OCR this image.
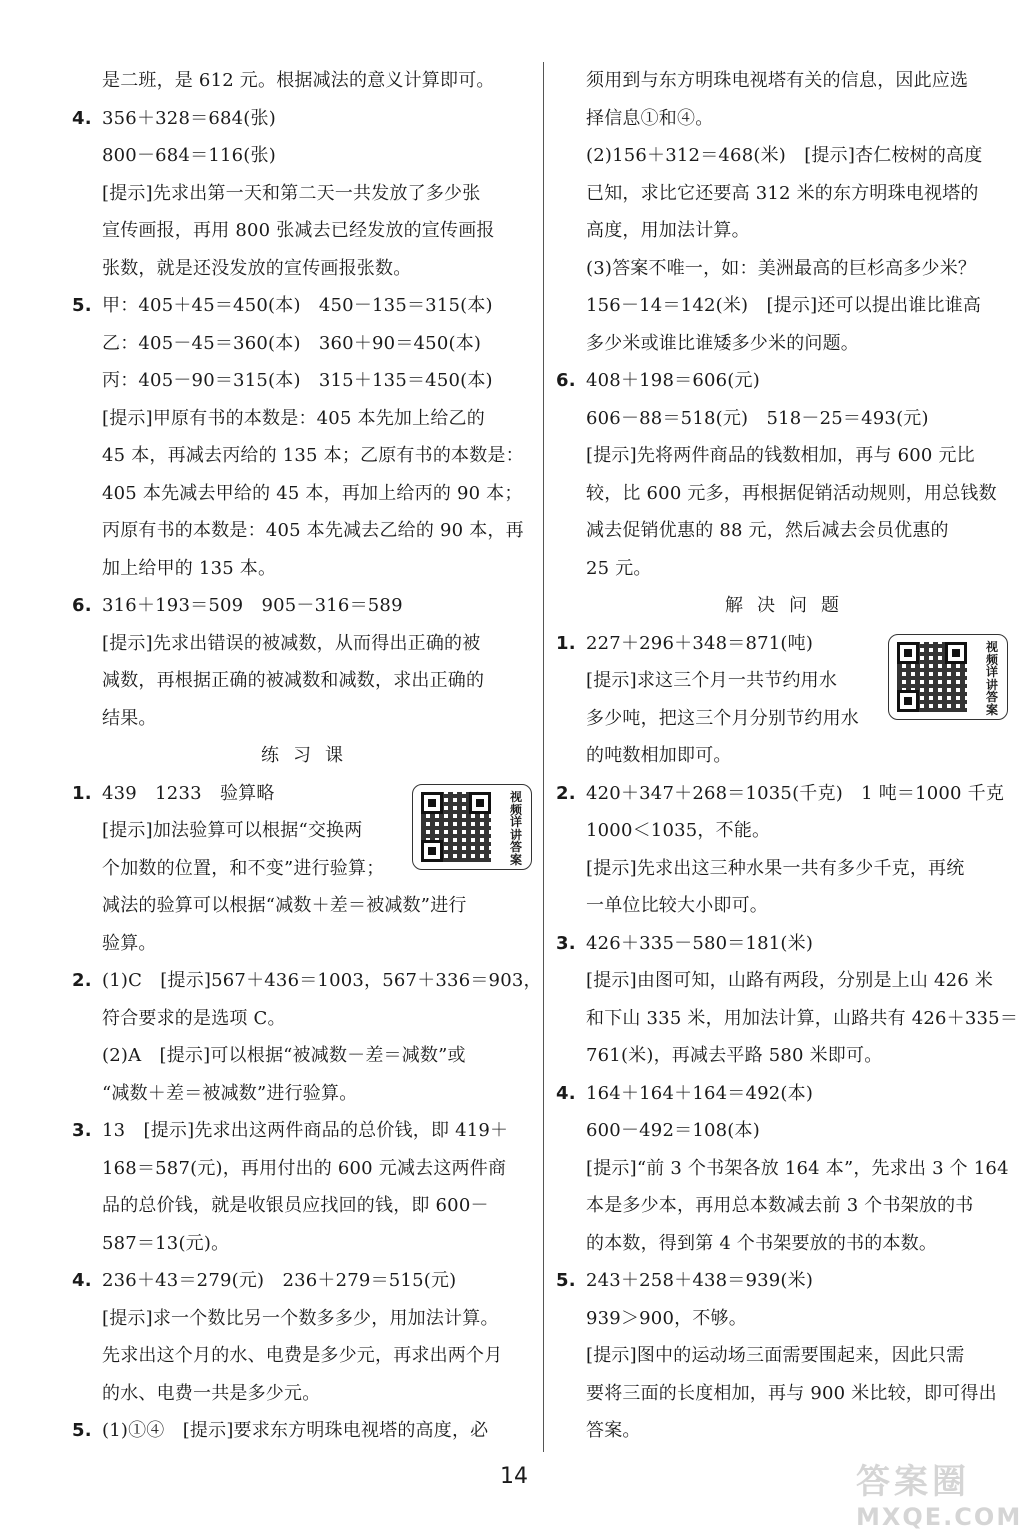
是二班，是 612 元。根据减法的意义计算即可。
4. 356＋328＝684(张)
800－684＝116(张)
[提示]先求出第一天和第二天一共发放了多少张
宣传画报，再用 800 张减去已经发放的宣传画报
张数，就是还没发放的宣传画报张数。
5. 甲：405＋45＝450(本)　450－135＝315(本)
乙：405－45＝360(本)　360＋90＝450(本)
丙：405－90＝315(本)　315＋135＝450(本)
[提示]甲原有书的本数是：405 本先加上给乙的
45 本，再减去丙给的 135 本；乙原有书的本数是：
405 本先减去甲给的 45 本，再加上给丙的 90 本；
丙原有书的本数是：405 本先减去乙给的 90 本，再
加上给甲的 135 本。
6. 316＋193＝509　905－316＝589
[提示]先求出错误的被减数，从而得出正确的被
减数，再根据正确的被减数和减数，求出正确的
结果。
练习课
1. 439　1233　验算略
[提示]加法验算可以根据“交换两
个加数的位置，和不变”进行验算；
减法的验算可以根据“减数＋差＝被减数”进行
验算。
2. (1)C　[提示]567＋436＝1003，567＋336＝903，
符合要求的是选项 C。
(2)A　[提示]可以根据“被减数－差＝减数”或
“减数＋差＝被减数”进行验算。
3. 13　[提示]先求出这两件商品的总价钱，即 419＋
168＝587(元)，再用付出的 600 元减去这两件商
品的总价钱，就是收银员应找回的钱，即 600－
587＝13(元)。
4. 236＋43＝279(元)　236＋279＝515(元)
[提示]求一个数比另一个数多多少，用加法计算。
先求出这个月的水、电费是多少元，再求出两个月
的水、电费一共是多少元。
5. (1)①④　[提示]要求东方明珠电视塔的高度，必
须用到与东方明珠电视塔有关的信息，因此应选
择信息①和④。
(2)156＋312＝468(米)　[提示]杏仁桉树的高度
已知，求比它还要高 312 米的东方明珠电视塔的
高度，用加法计算。
(3)答案不唯一，如：美洲最高的巨杉高多少米？
156－14＝142(米)　[提示]还可以提出谁比谁高
多少米或谁比谁矮多少米的问题。
6. 408＋198＝606(元)
606－88＝518(元)　518－25＝493(元)
[提示]先将两件商品的钱数相加，再与 600 元比
较，比 600 元多，再根据促销活动规则，用总钱数
减去促销优惠的 88 元，然后减去会员优惠的
25 元。
解决问题
1. 227＋296＋348＝871(吨)
[提示]求这三个月一共节约用水
多少吨，把这三个月分别节约用水
的吨数相加即可。
2. 420＋347＋268＝1035(千克)　1 吨＝1000 千克
1000＜1035，不能。
[提示]先求出这三种水果一共有多少千克，再统
一单位比较大小即可。
3. 426＋335－580＝181(米)
[提示]由图可知，山路有两段，分别是上山 426 米
和下山 335 米，用加法计算，山路共有 426＋335＝
761(米)，再减去平路 580 米即可。
4. 164＋164＋164＝492(本)
600－492＝108(本)
[提示]“前 3 个书架各放 164 本”，先求出 3 个 164
本是多少本，再用总本数减去前 3 个书架放的书
的本数，得到第 4 个书架要放的书的本数。
5. 243＋258＋438＝939(米)
939＞900，不够。
[提示]图中的运动场三面需要围起来，因此只需
要将三面的长度相加，再与 900 米比较，即可得出
答案。
视频详讲答案
视频详讲答案
14	答案圈
MXQE.COM
